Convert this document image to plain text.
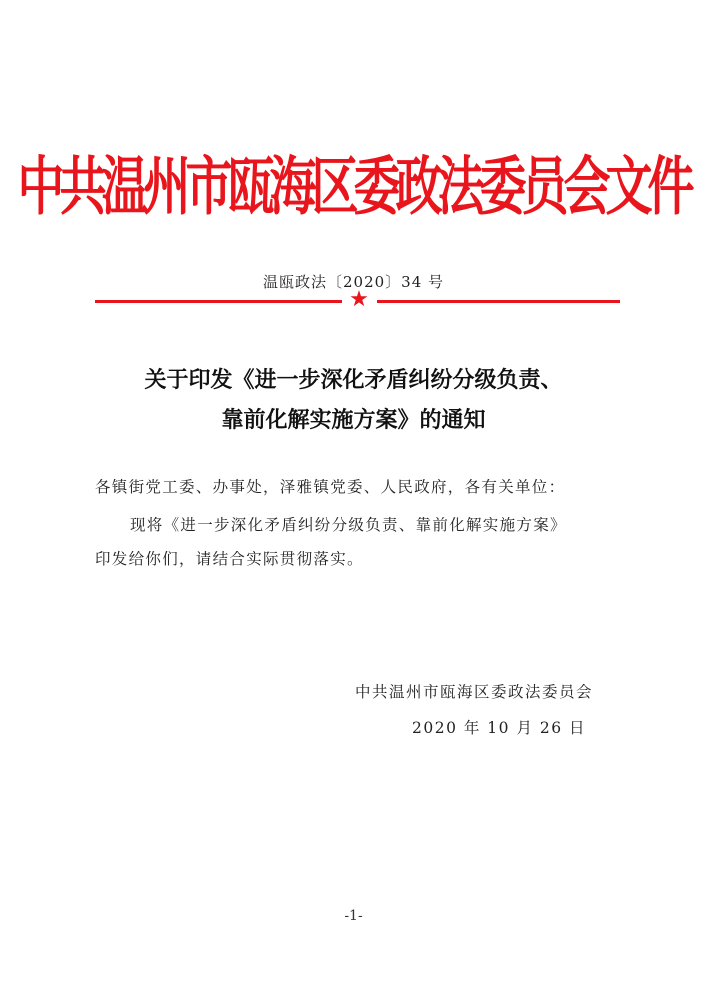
中共温州市瓯海区委政法委员会文件
温瓯政法〔2020〕34 号
★
关于印发《进一步深化矛盾纠纷分级负责、
靠前化解实施方案》的通知
各镇街党工委、办事处，泽雅镇党委、人民政府，各有关单位：
现将《进一步深化矛盾纠纷分级负责、靠前化解实施方案》
印发给你们，请结合实际贯彻落实。
中共温州市瓯海区委政法委员会
2020 年 10 月 26 日
-1-
